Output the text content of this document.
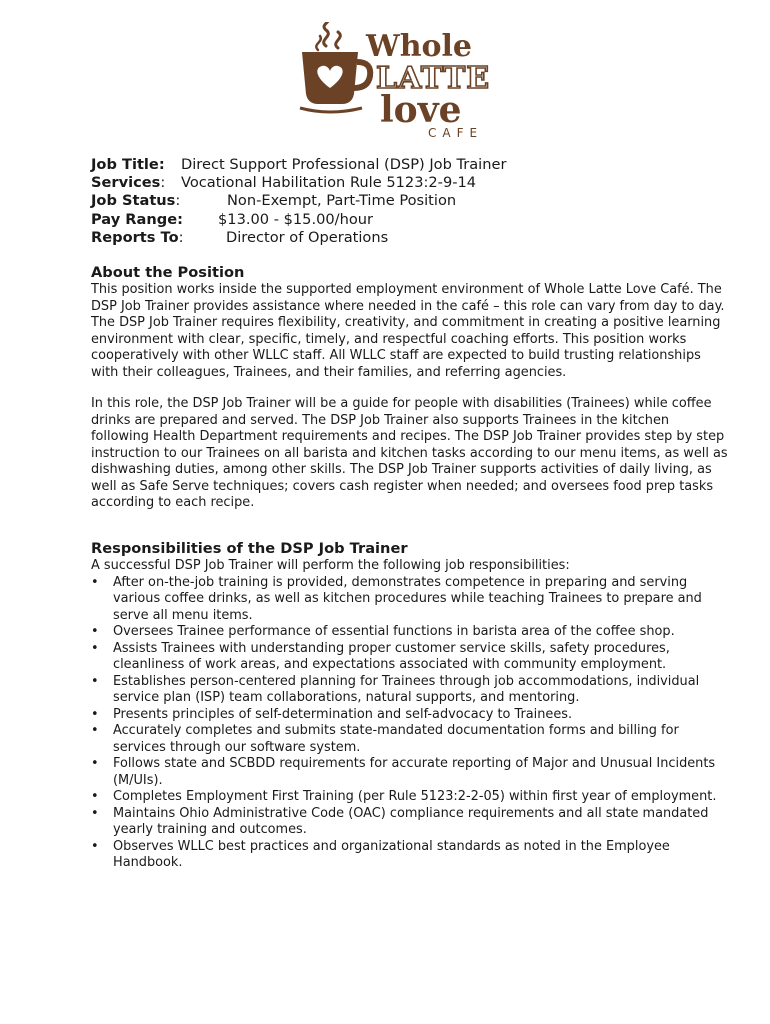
Whole
LATTE
love
CAFE
Job Title: Direct Support Professional (DSP) Job Trainer
Services: Vocational Habilitation Rule 5123:2-9-14
Job Status:	Non-Exempt, Part-Time Position
Pay Range: $13.00 - $15.00/hour
Reports To:	Director of Operations
About the Position

This position works inside the supported employment environment of Whole Latte Love Café. The DSP Job Trainer provides assistance where needed in the café – this role can vary from day to day. The DSP Job Trainer requires flexibility, creativity, and commitment in creating a positive learning environment with clear, specific, timely, and respectful coaching efforts. This position works cooperatively with other WLLC staff. All WLLC staff are expected to build trusting relationships with their colleagues, Trainees, and their families, and referring agencies.

In this role, the DSP Job Trainer will be a guide for people with disabilities (Trainees) while coffee drinks are prepared and served. The DSP Job Trainer also supports Trainees in the kitchen following Health Department requirements and recipes. The DSP Job Trainer provides step by step instruction to our Trainees on all barista and kitchen tasks according to our menu items, as well as dishwashing duties, among other skills. The DSP Job Trainer supports activities of daily living, as well as Safe Serve techniques; covers cash register when needed; and oversees food prep tasks according to each recipe.

Responsibilities of the DSP Job Trainer

A successful DSP Job Trainer will perform the following job responsibilities:

• After on-the-job training is provided, demonstrates competence in preparing and serving various coffee drinks, as well as kitchen procedures while teaching Trainees to prepare and serve all menu items.
• Oversees Trainee performance of essential functions in barista area of the coffee shop.
• Assists Trainees with understanding proper customer service skills, safety procedures, cleanliness of work areas, and expectations associated with community employment.
• Establishes person-centered planning for Trainees through job accommodations, individual service plan (ISP) team collaborations, natural supports, and mentoring.
• Presents principles of self-determination and self-advocacy to Trainees.
• Accurately completes and submits state-mandated documentation forms and billing for services through our software system.
• Follows state and SCBDD requirements for accurate reporting of Major and Unusual Incidents (M/UIs).
• Completes Employment First Training (per Rule 5123:2-2-05) within first year of employment.
• Maintains Ohio Administrative Code (OAC) compliance requirements and all state mandated yearly training and outcomes.
• Observes WLLC best practices and organizational standards as noted in the Employee Handbook.
